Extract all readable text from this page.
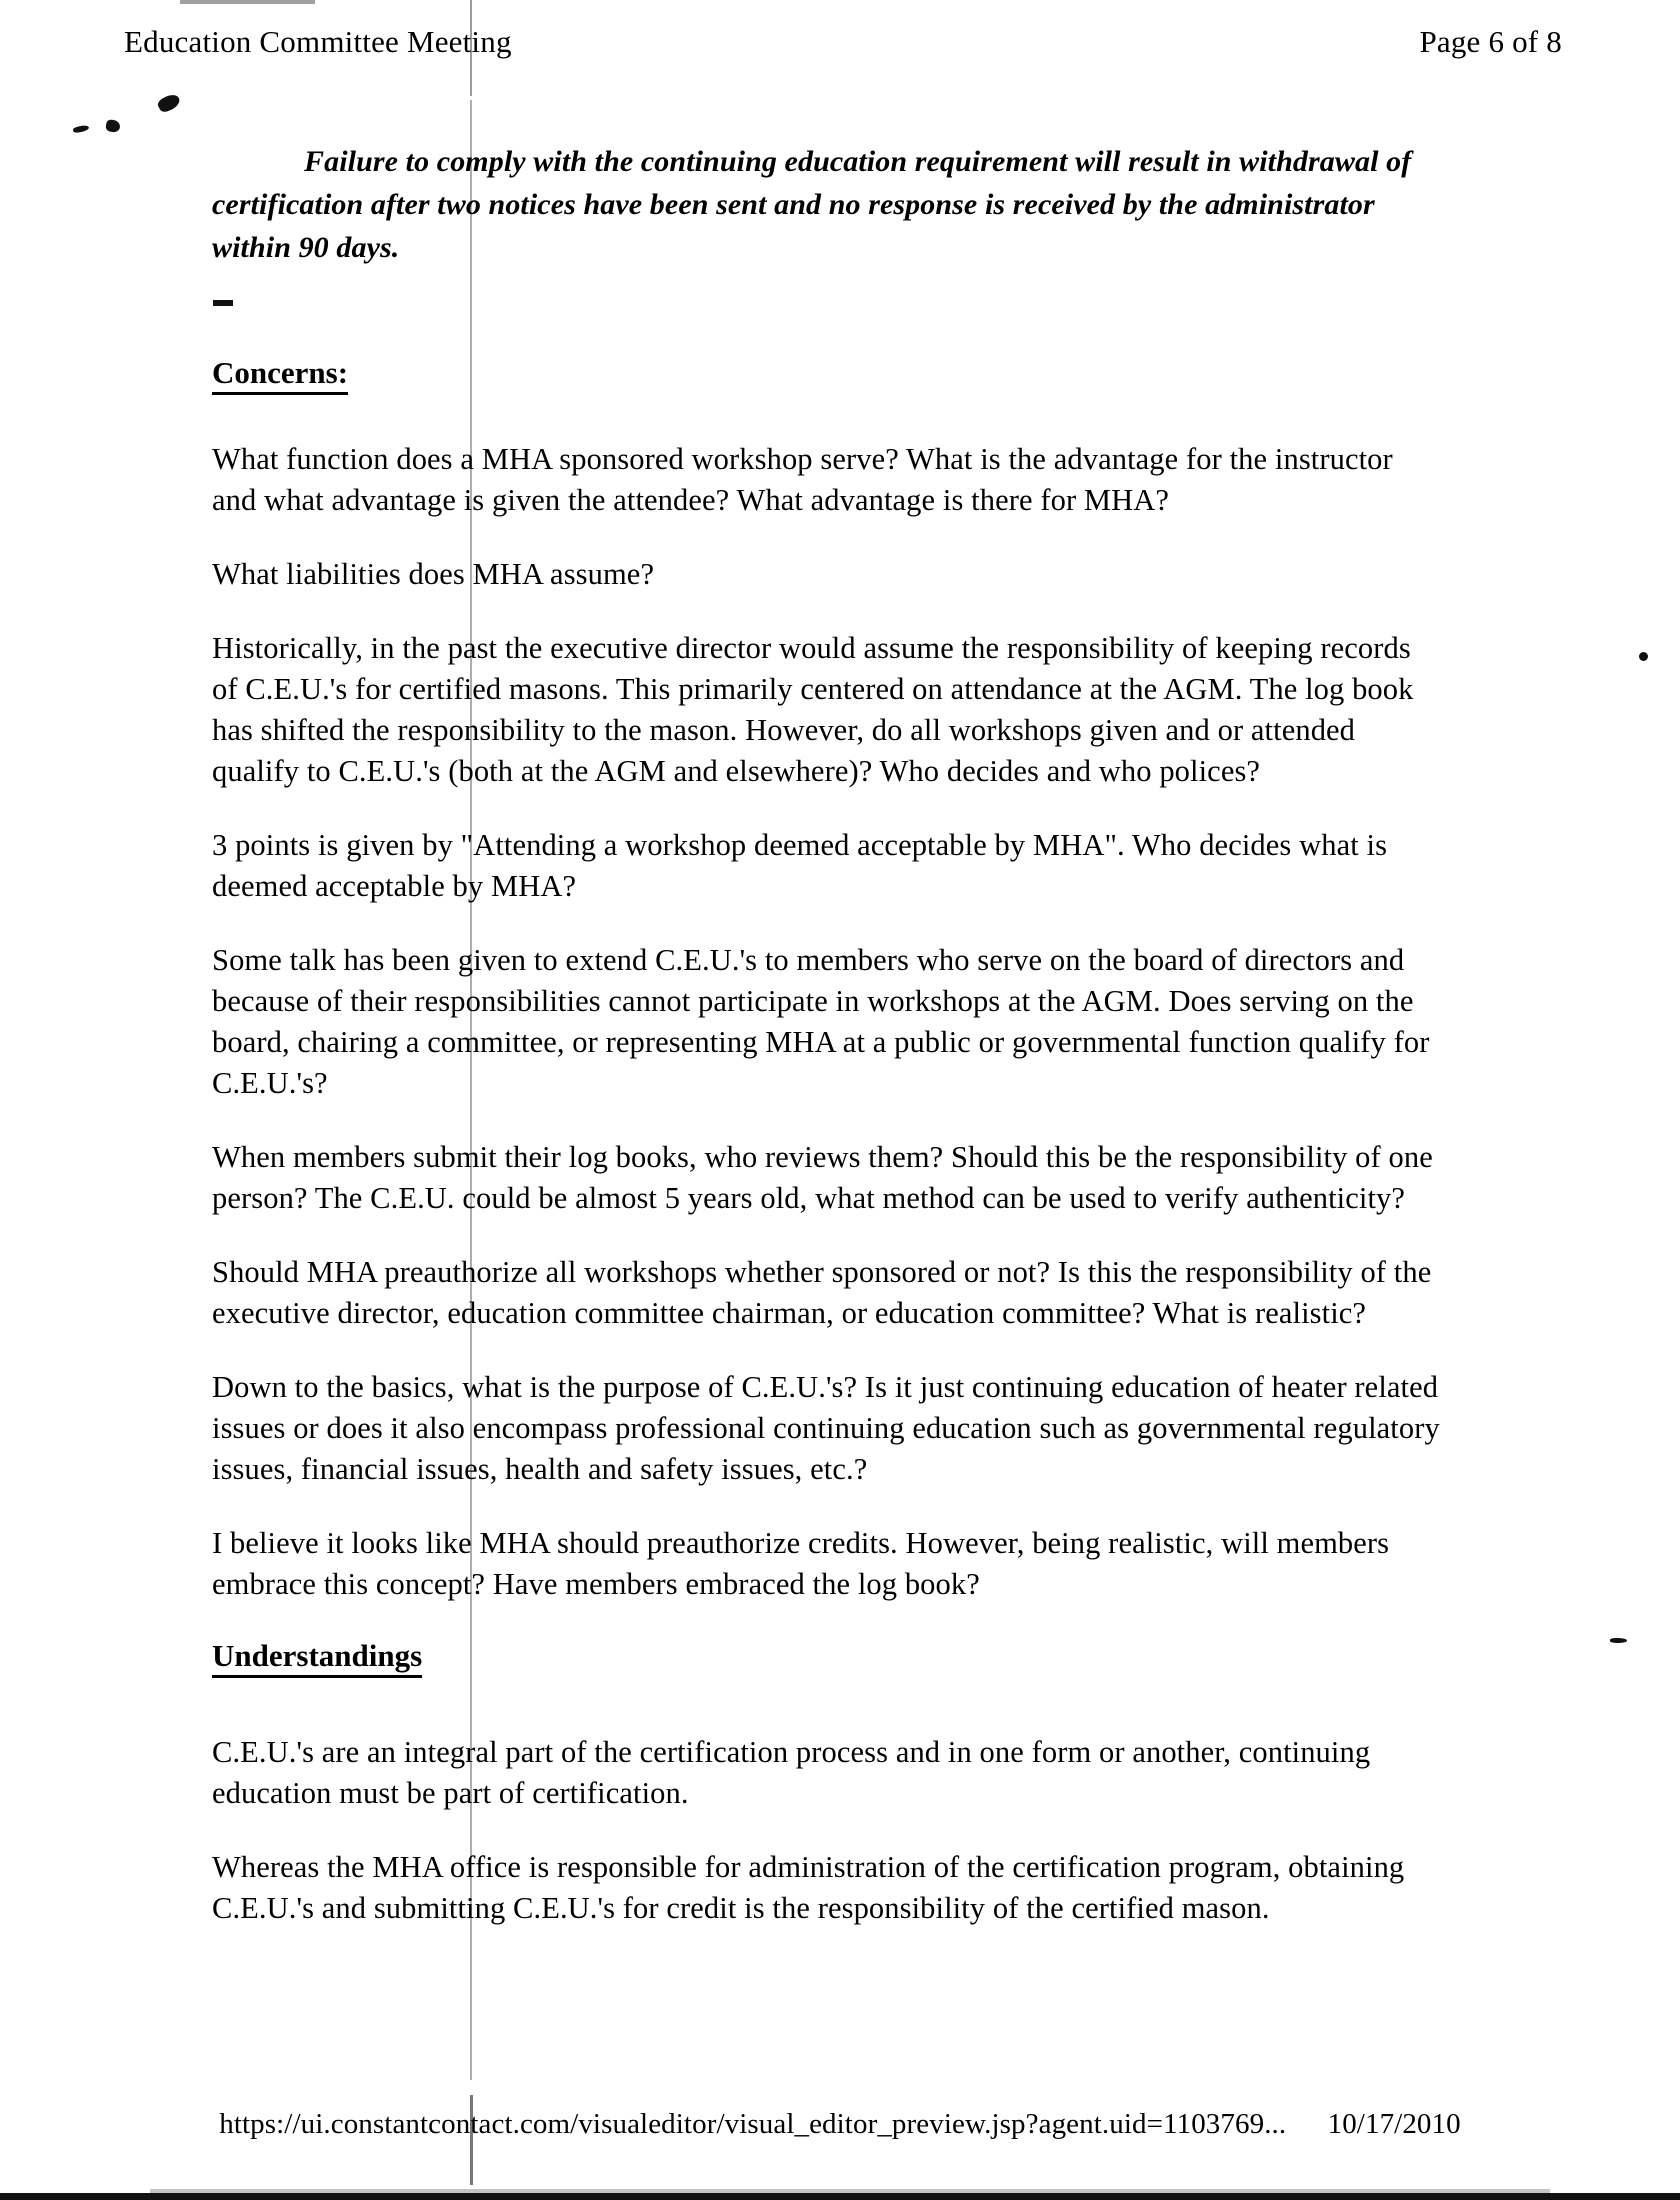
Education Committee Meeting	Page 6 of 8

Failure to comply with the continuing education requirement will result in withdrawal of certification after two notices have been sent and no response is received by the administrator within 90 days.

Concerns:

What function does a MHA sponsored workshop serve? What is the advantage for the instructor and what advantage is given the attendee? What advantage is there for MHA?

What liabilities does MHA assume?

Historically, in the past the executive director would assume the responsibility of keeping records of C.E.U.'s for certified masons. This primarily centered on attendance at the AGM. The log book has shifted the responsibility to the mason. However, do all workshops given and or attended qualify to C.E.U.'s (both at the AGM and elsewhere)? Who decides and who polices?

3 points is given by "Attending a workshop deemed acceptable by MHA". Who decides what is deemed acceptable by MHA?

Some talk has been given to extend C.E.U.'s to members who serve on the board of directors and because of their responsibilities cannot participate in workshops at the AGM. Does serving on the board, chairing a committee, or representing MHA at a public or governmental function qualify for C.E.U.'s?

When members submit their log books, who reviews them? Should this be the responsibility of one person? The C.E.U. could be almost 5 years old, what method can be used to verify authenticity?

Should MHA preauthorize all workshops whether sponsored or not? Is this the responsibility of the executive director, education committee chairman, or education committee? What is realistic?

Down to the basics, what is the purpose of C.E.U.'s? Is it just continuing education of heater related issues or does it also encompass professional continuing education such as governmental regulatory issues, financial issues, health and safety issues, etc.?

I believe it looks like MHA should preauthorize credits. However, being realistic, will members embrace this concept? Have members embraced the log book?

Understandings

C.E.U.'s are an integral part of the certification process and in one form or another, continuing education must be part of certification.

Whereas the MHA office is responsible for administration of the certification program, obtaining C.E.U.'s and submitting C.E.U.'s for credit is the responsibility of the certified mason.

https://ui.constantcontact.com/visualeditor/visual_editor_preview.jsp?agent.uid=1103769... 10/17/2010
